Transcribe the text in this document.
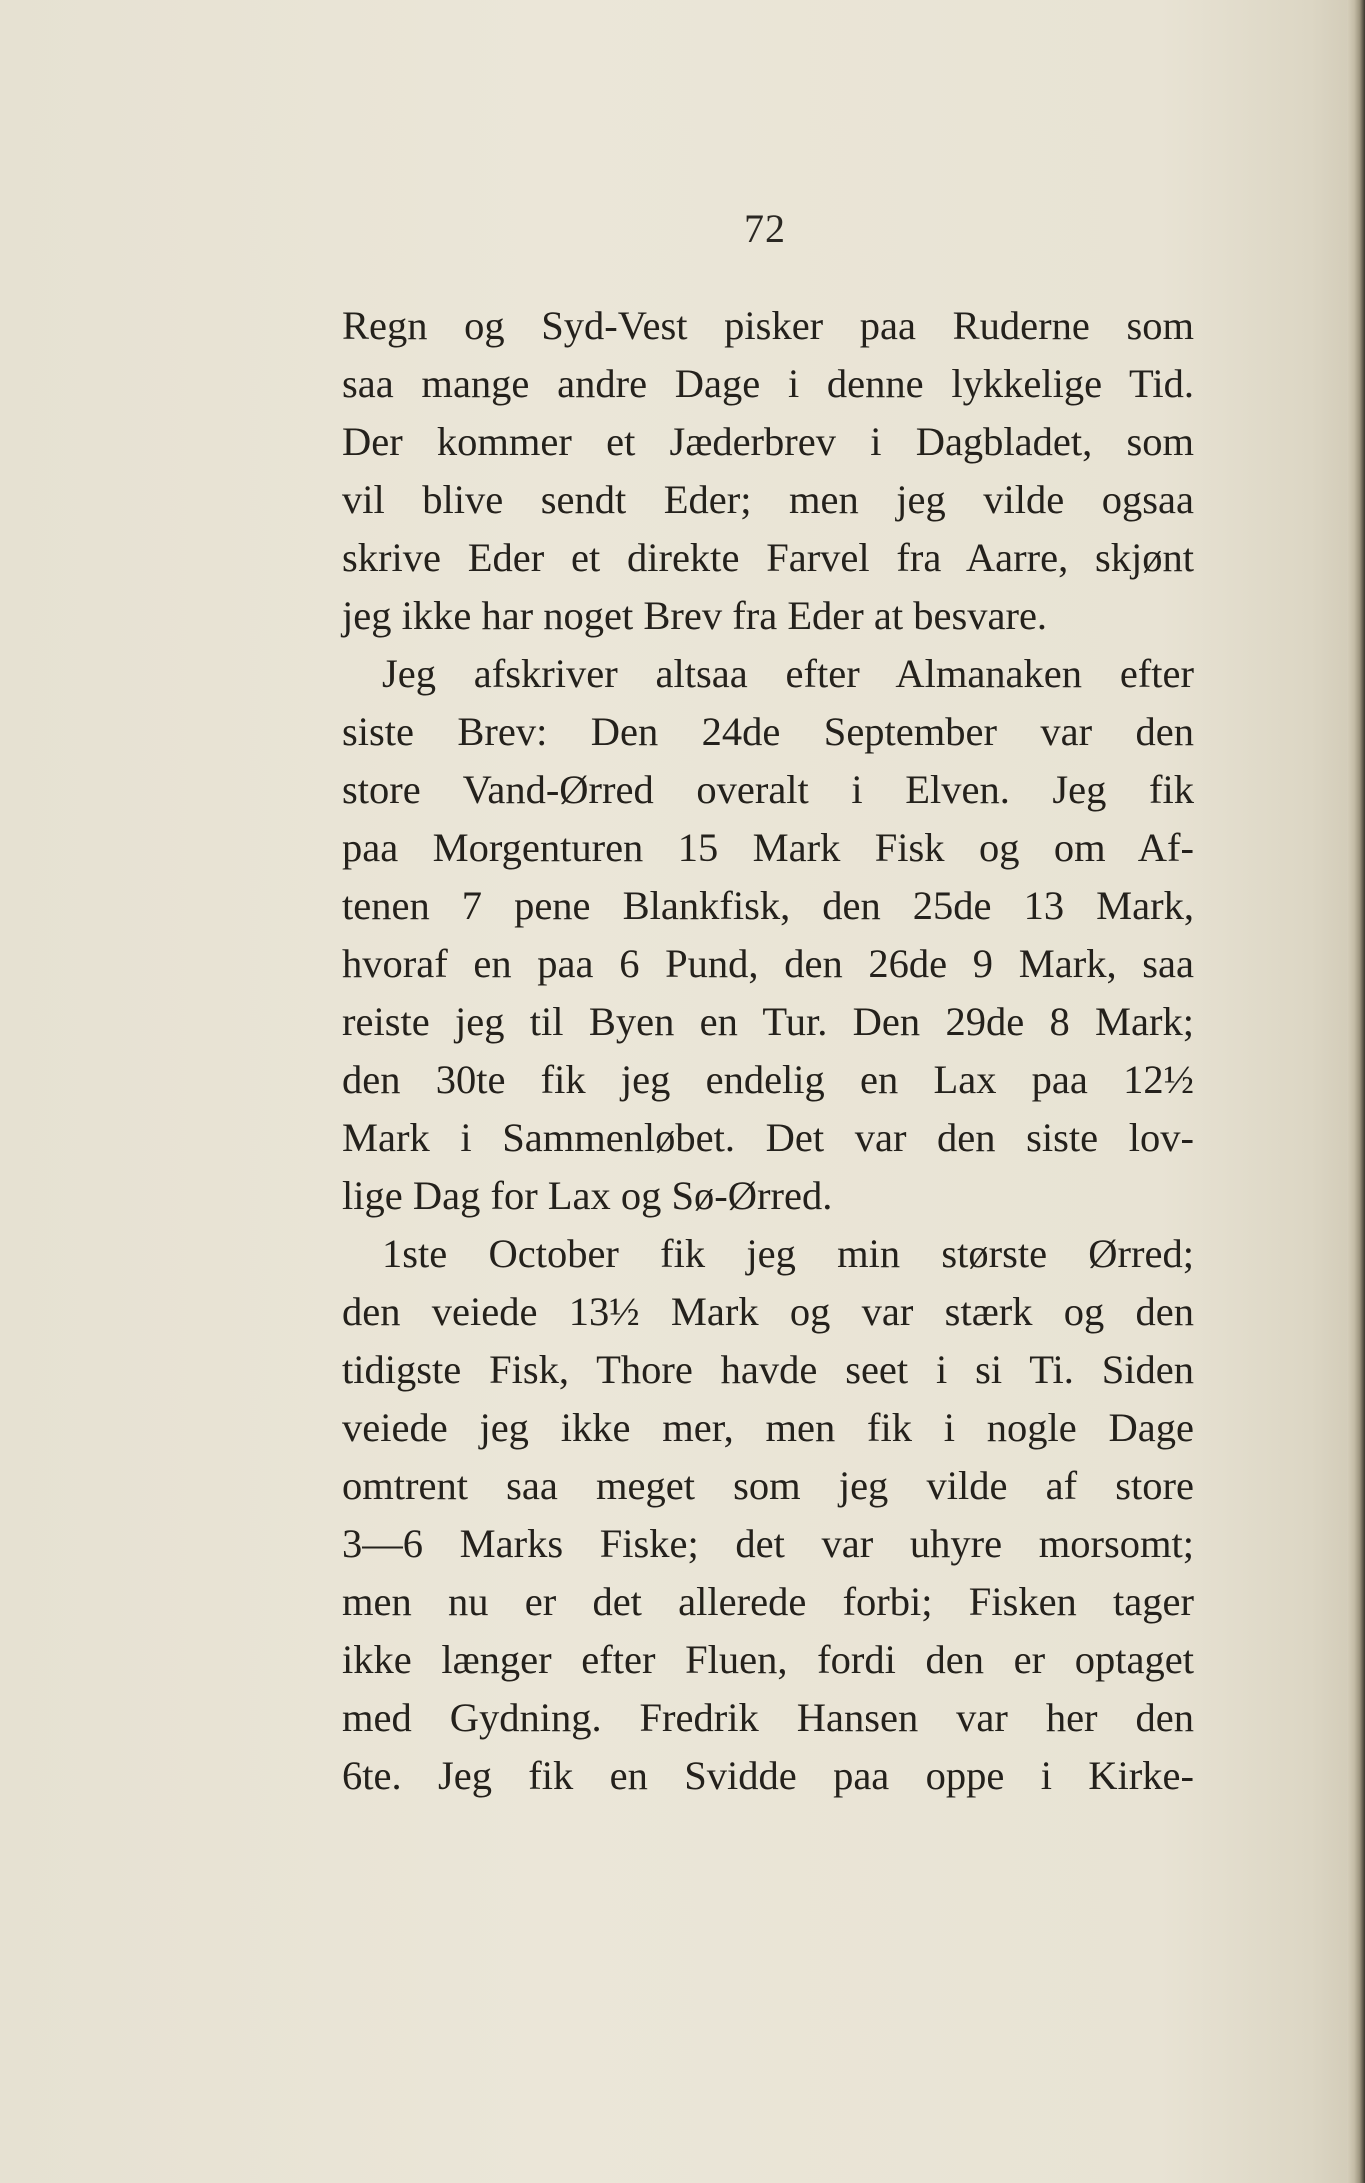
72
Regn og Syd-Vest pisker paa Ruderne som
saa mange andre Dage i denne lykkelige Tid.
Der kommer et Jæderbrev i Dagbladet, som
vil blive sendt Eder; men jeg vilde ogsaa
skrive Eder et direkte Farvel fra Aarre, skjønt
jeg ikke har noget Brev fra Eder at besvare.
Jeg afskriver altsaa efter Almanaken efter
siste Brev: Den 24de September var den
store Vand-Ørred overalt i Elven. Jeg fik
paa Morgenturen 15 Mark Fisk og om Af-
tenen 7 pene Blankfisk, den 25de 13 Mark,
hvoraf en paa 6 Pund, den 26de 9 Mark, saa
reiste jeg til Byen en Tur. Den 29de 8 Mark;
den 30te fik jeg endelig en Lax paa 12½
Mark i Sammenløbet. Det var den siste lov-
lige Dag for Lax og Sø-Ørred.
1ste October fik jeg min største Ørred;
den veiede 13½ Mark og var stærk og den
tidigste Fisk, Thore havde seet i si Ti. Siden
veiede jeg ikke mer, men fik i nogle Dage
omtrent saa meget som jeg vilde af store
3—6 Marks Fiske; det var uhyre morsomt;
men nu er det allerede forbi; Fisken tager
ikke længer efter Fluen, fordi den er optaget
med Gydning. Fredrik Hansen var her den
6te. Jeg fik en Svidde paa oppe i Kirke-
